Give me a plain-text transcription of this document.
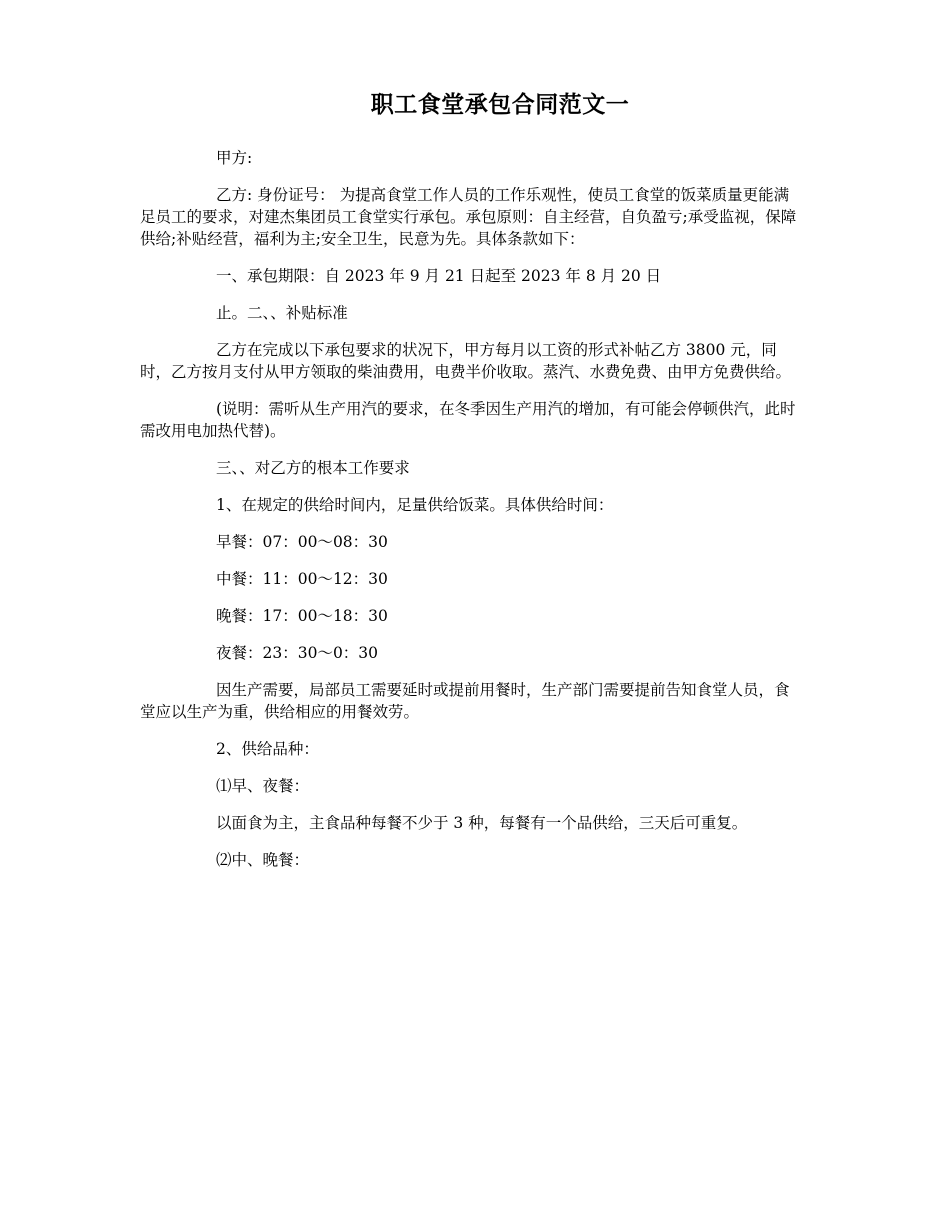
职工食堂承包合同范文一

甲方:

乙方: 身份证号： 为提高食堂工作人员的工作乐观性，使员工食堂的饭菜质量更能满足员工的要求，对建杰集团员工食堂实行承包。承包原则：自主经营，自负盈亏;承受监视，保障供给;补贴经营，福利为主;安全卫生，民意为先。具体条款如下：

一、承包期限：自 2023 年 9 月 21 日起至 2023 年 8 月 20 日

止。二、、补贴标准

乙方在完成以下承包要求的状况下，甲方每月以工资的形式补帖乙方 3800 元，同时，乙方按月支付从甲方领取的柴油费用，电费半价收取。蒸汽、水费免费、由甲方免费供给。

(说明：需听从生产用汽的要求，在冬季因生产用汽的增加，有可能会停顿供汽，此时需改用电加热代替)。

三、、对乙方的根本工作要求

1、在规定的供给时间内，足量供给饭菜。具体供给时间：

早餐：07：00～08：30

中餐：11：00～12：30

晚餐：17：00～18：30

夜餐：23：30～0：30

因生产需要，局部员工需要延时或提前用餐时，生产部门需要提前告知食堂人员，食堂应以生产为重，供给相应的用餐效劳。

2、供给品种：

⑴早、夜餐：

以面食为主，主食品种每餐不少于 3 种，每餐有一个品供给，三天后可重复。

⑵中、晚餐：
